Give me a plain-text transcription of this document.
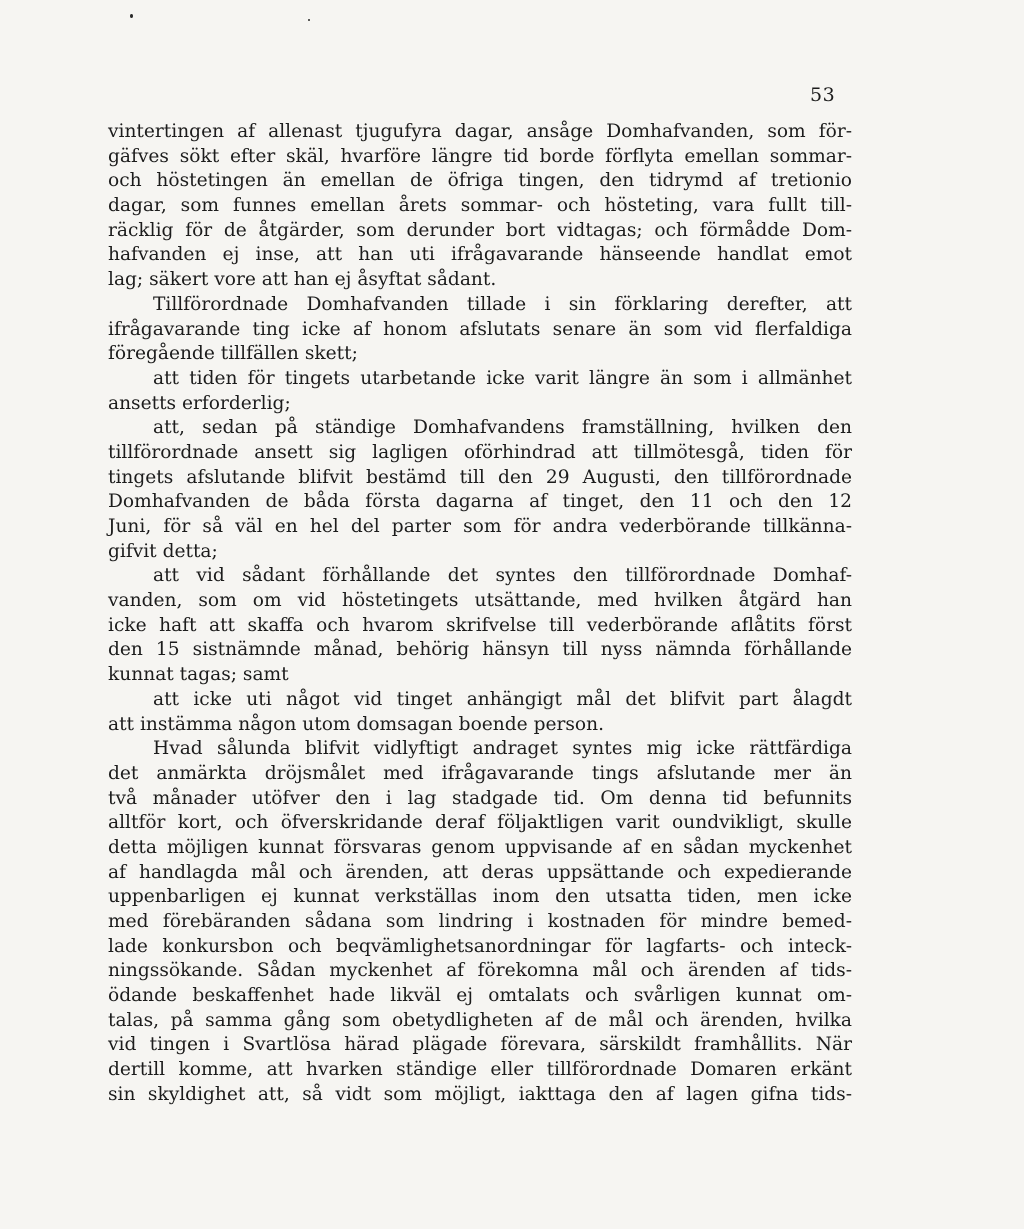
53
vintertingen af allenast tjugufyra dagar, ansåge Domhafvanden, som för-
gäfves sökt efter skäl, hvarföre längre tid borde förflyta emellan sommar-
och höstetingen än emellan de öfriga tingen, den tidrymd af tretionio
dagar, som funnes emellan årets sommar- och hösteting, vara fullt till-
räcklig för de åtgärder, som derunder bort vidtagas; och förmådde Dom-
hafvanden ej inse, att han uti ifrågavarande hänseende handlat emot
lag; säkert vore att han ej åsyftat sådant.
Tillförordnade Domhafvanden tillade i sin förklaring derefter, att
ifrågavarande ting icke af honom afslutats senare än som vid flerfaldiga
föregående tillfällen skett;
att tiden för tingets utarbetande icke varit längre än som i allmänhet
ansetts erforderlig;
att, sedan på ständige Domhafvandens framställning, hvilken den
tillförordnade ansett sig lagligen oförhindrad att tillmötesgå, tiden för
tingets afslutande blifvit bestämd till den 29 Augusti, den tillförordnade
Domhafvanden de båda första dagarna af tinget, den 11 och den 12
Juni, för så väl en hel del parter som för andra vederbörande tillkänna-
gifvit detta;
att vid sådant förhållande det syntes den tillförordnade Domhaf-
vanden, som om vid höstetingets utsättande, med hvilken åtgärd han
icke haft att skaffa och hvarom skrifvelse till vederbörande aflåtits först
den 15 sistnämnde månad, behörig hänsyn till nyss nämnda förhållande
kunnat tagas; samt
att icke uti något vid tinget anhängigt mål det blifvit part ålagdt
att instämma någon utom domsagan boende person.
Hvad sålunda blifvit vidlyftigt andraget syntes mig icke rättfärdiga
det anmärkta dröjsmålet med ifrågavarande tings afslutande mer än
två månader utöfver den i lag stadgade tid. Om denna tid befunnits
alltför kort, och öfverskridande deraf följaktligen varit oundvikligt, skulle
detta möjligen kunnat försvaras genom uppvisande af en sådan myckenhet
af handlagda mål och ärenden, att deras uppsättande och expedierande
uppenbarligen ej kunnat verkställas inom den utsatta tiden, men icke
med förebäranden sådana som lindring i kostnaden för mindre bemed-
lade konkursbon och beqvämlighetsanordningar för lagfarts- och inteck-
ningssökande. Sådan myckenhet af förekomna mål och ärenden af tids-
ödande beskaffenhet hade likväl ej omtalats och svårligen kunnat om-
talas, på samma gång som obetydligheten af de mål och ärenden, hvilka
vid tingen i Svartlösa härad plägade förevara, särskildt framhållits. När
dertill komme, att hvarken ständige eller tillförordnade Domaren erkänt
sin skyldighet att, så vidt som möjligt, iakttaga den af lagen gifna tids-
